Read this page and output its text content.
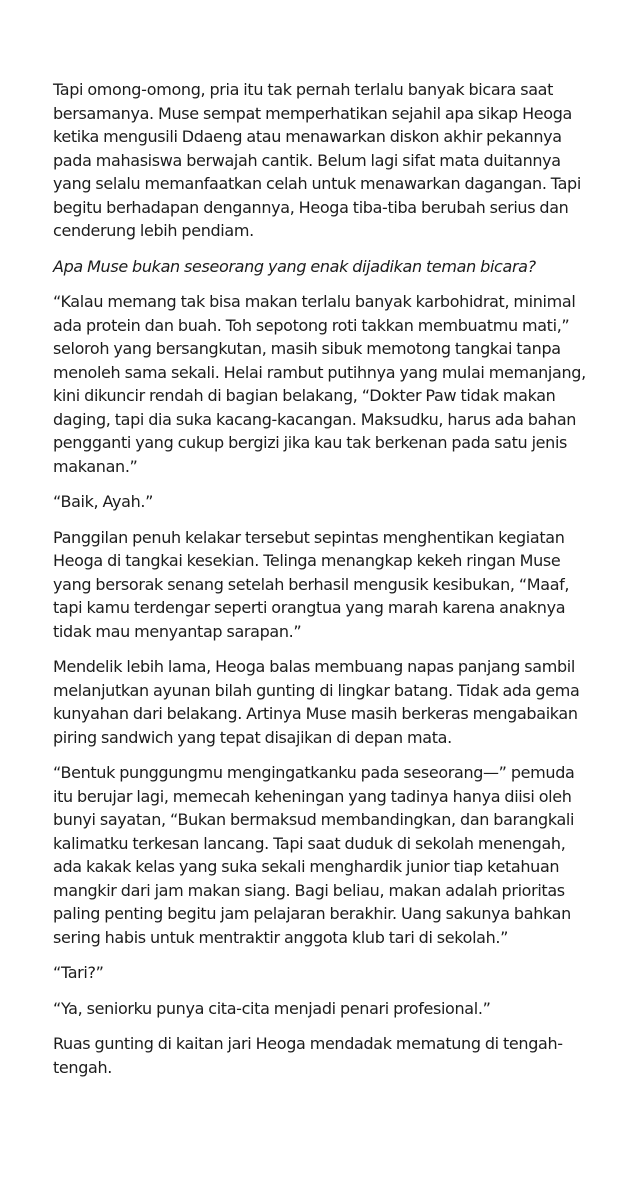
Tapi omong-omong, pria itu tak pernah terlalu banyak bicara saat bersamanya. Muse sempat memperhatikan sejahil apa sikap Heoga ketika mengusili Ddaeng atau menawarkan diskon akhir pekannya pada mahasiswa berwajah cantik. Belum lagi sifat mata duitannya yang selalu memanfaatkan celah untuk menawarkan dagangan. Tapi begitu berhadapan dengannya, Heoga tiba-tiba berubah serius dan cenderung lebih pendiam.

Apa Muse bukan seseorang yang enak dijadikan teman bicara?

“Kalau memang tak bisa makan terlalu banyak karbohidrat, minimal ada protein dan buah. Toh sepotong roti takkan membuatmu mati,” seloroh yang bersangkutan, masih sibuk memotong tangkai tanpa menoleh sama sekali. Helai rambut putihnya yang mulai memanjang, kini dikuncir rendah di bagian belakang, “Dokter Paw tidak makan daging, tapi dia suka kacang-kacangan. Maksudku, harus ada bahan pengganti yang cukup bergizi jika kau tak berkenan pada satu jenis makanan.”

“Baik, Ayah.”

Panggilan penuh kelakar tersebut sepintas menghentikan kegiatan Heoga di tangkai kesekian. Telinga menangkap kekeh ringan Muse yang bersorak senang setelah berhasil mengusik kesibukan, “Maaf, tapi kamu terdengar seperti orangtua yang marah karena anaknya tidak mau menyantap sarapan.”

Mendelik lebih lama, Heoga balas membuang napas panjang sambil melanjutkan ayunan bilah gunting di lingkar batang. Tidak ada gema kunyahan dari belakang. Artinya Muse masih berkeras mengabaikan piring sandwich yang tepat disajikan di depan mata.

“Bentuk punggungmu mengingatkanku pada seseorang—” pemuda itu berujar lagi, memecah keheningan yang tadinya hanya diisi oleh bunyi sayatan, “Bukan bermaksud membandingkan, dan barangkali kalimatku terkesan lancang. Tapi saat duduk di sekolah menengah, ada kakak kelas yang suka sekali menghardik junior tiap ketahuan mangkir dari jam makan siang. Bagi beliau, makan adalah prioritas paling penting begitu jam pelajaran berakhir. Uang sakunya bahkan sering habis untuk mentraktir anggota klub tari di sekolah.”

“Tari?”

“Ya, seniorku punya cita-cita menjadi penari profesional.”

Ruas gunting di kaitan jari Heoga mendadak mematung di tengah-tengah.
